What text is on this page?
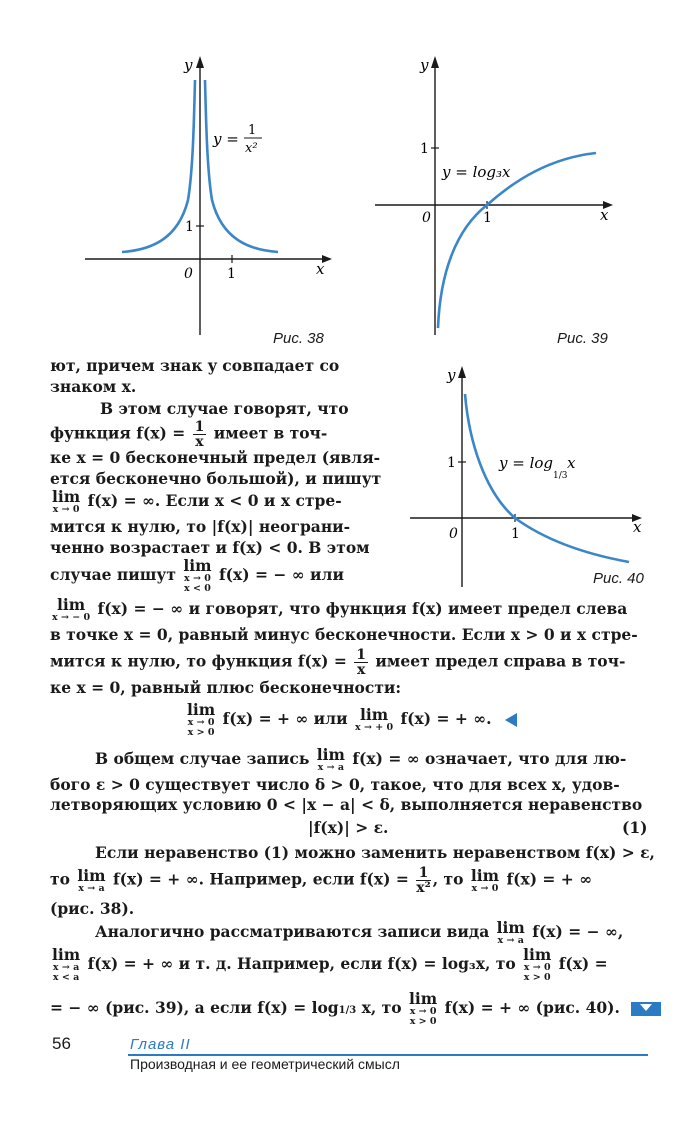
y
x
0 1
1
y = 1
x²
Рис. 38
y
x
0	1
1
y = log₃x
Рис. 39
y
x
0	1
1	y = log
1/3
x
Рис. 40
ют, причем знак y совпадает со
знаком x.
В этом случае говорят, что
функция $f(x) = \frac{1}{x}$ имеет в точ-
ке x = 0 бесконечный предел (явля-
ется бесконечно большой), и пишут
lim
x → 0 f(x) = ∞. Если x < 0 и x стре-
мится к нулю, то |f(x)| неограни-
ченно возрастает и f(x) < 0. В этом
случае пишут lim
x → 0
x < 0
f(x) = − ∞ или
lim
x → − 0 f(x) = − ∞ и говорят, что функция f(x) имеет предел слева
в точке x = 0, равный минус бесконечности. Если x > 0 и x стре-
мится к нулю, то функция $f(x) = \frac{1}{x}$ имеет предел справа в точ-
ке x = 0, равный плюс бесконечности:
lim
x → 0
x > 0
f(x) = + ∞ или lim
x → + 0 f(x) = + ∞.
В общем случае запись lim
x → a f(x) = ∞ означает, что для лю-
бого ε > 0 существует число δ > 0, такое, что для всех x, удов-
летворяющих условию 0 < |x − a| < δ, выполняется неравенство
|f(x)| > ε.	(1)
Если неравенство (1) можно заменить неравенством f(x) > ε,
то lim
x → a f(x) = + ∞. Например, если $f(x) = \frac{1}{\text{x²}}$ , то lim
x → 0 f(x) = + ∞
(рис. 38).
Аналогично рассматриваются записи вида lim
x → a f(x) = − ∞,
lim
x → a
x < a
f(x) = + ∞ и т. д. Например, если f(x) = log₃x, то lim
x → 0
x > 0
f(x) =
= − ∞ (рис. 39), а если f(x) = log1/3 x, то lim
x → 0
x > 0
f(x) = + ∞ (рис. 40).
56	Глава II
Производная и ее геометрический смысл
